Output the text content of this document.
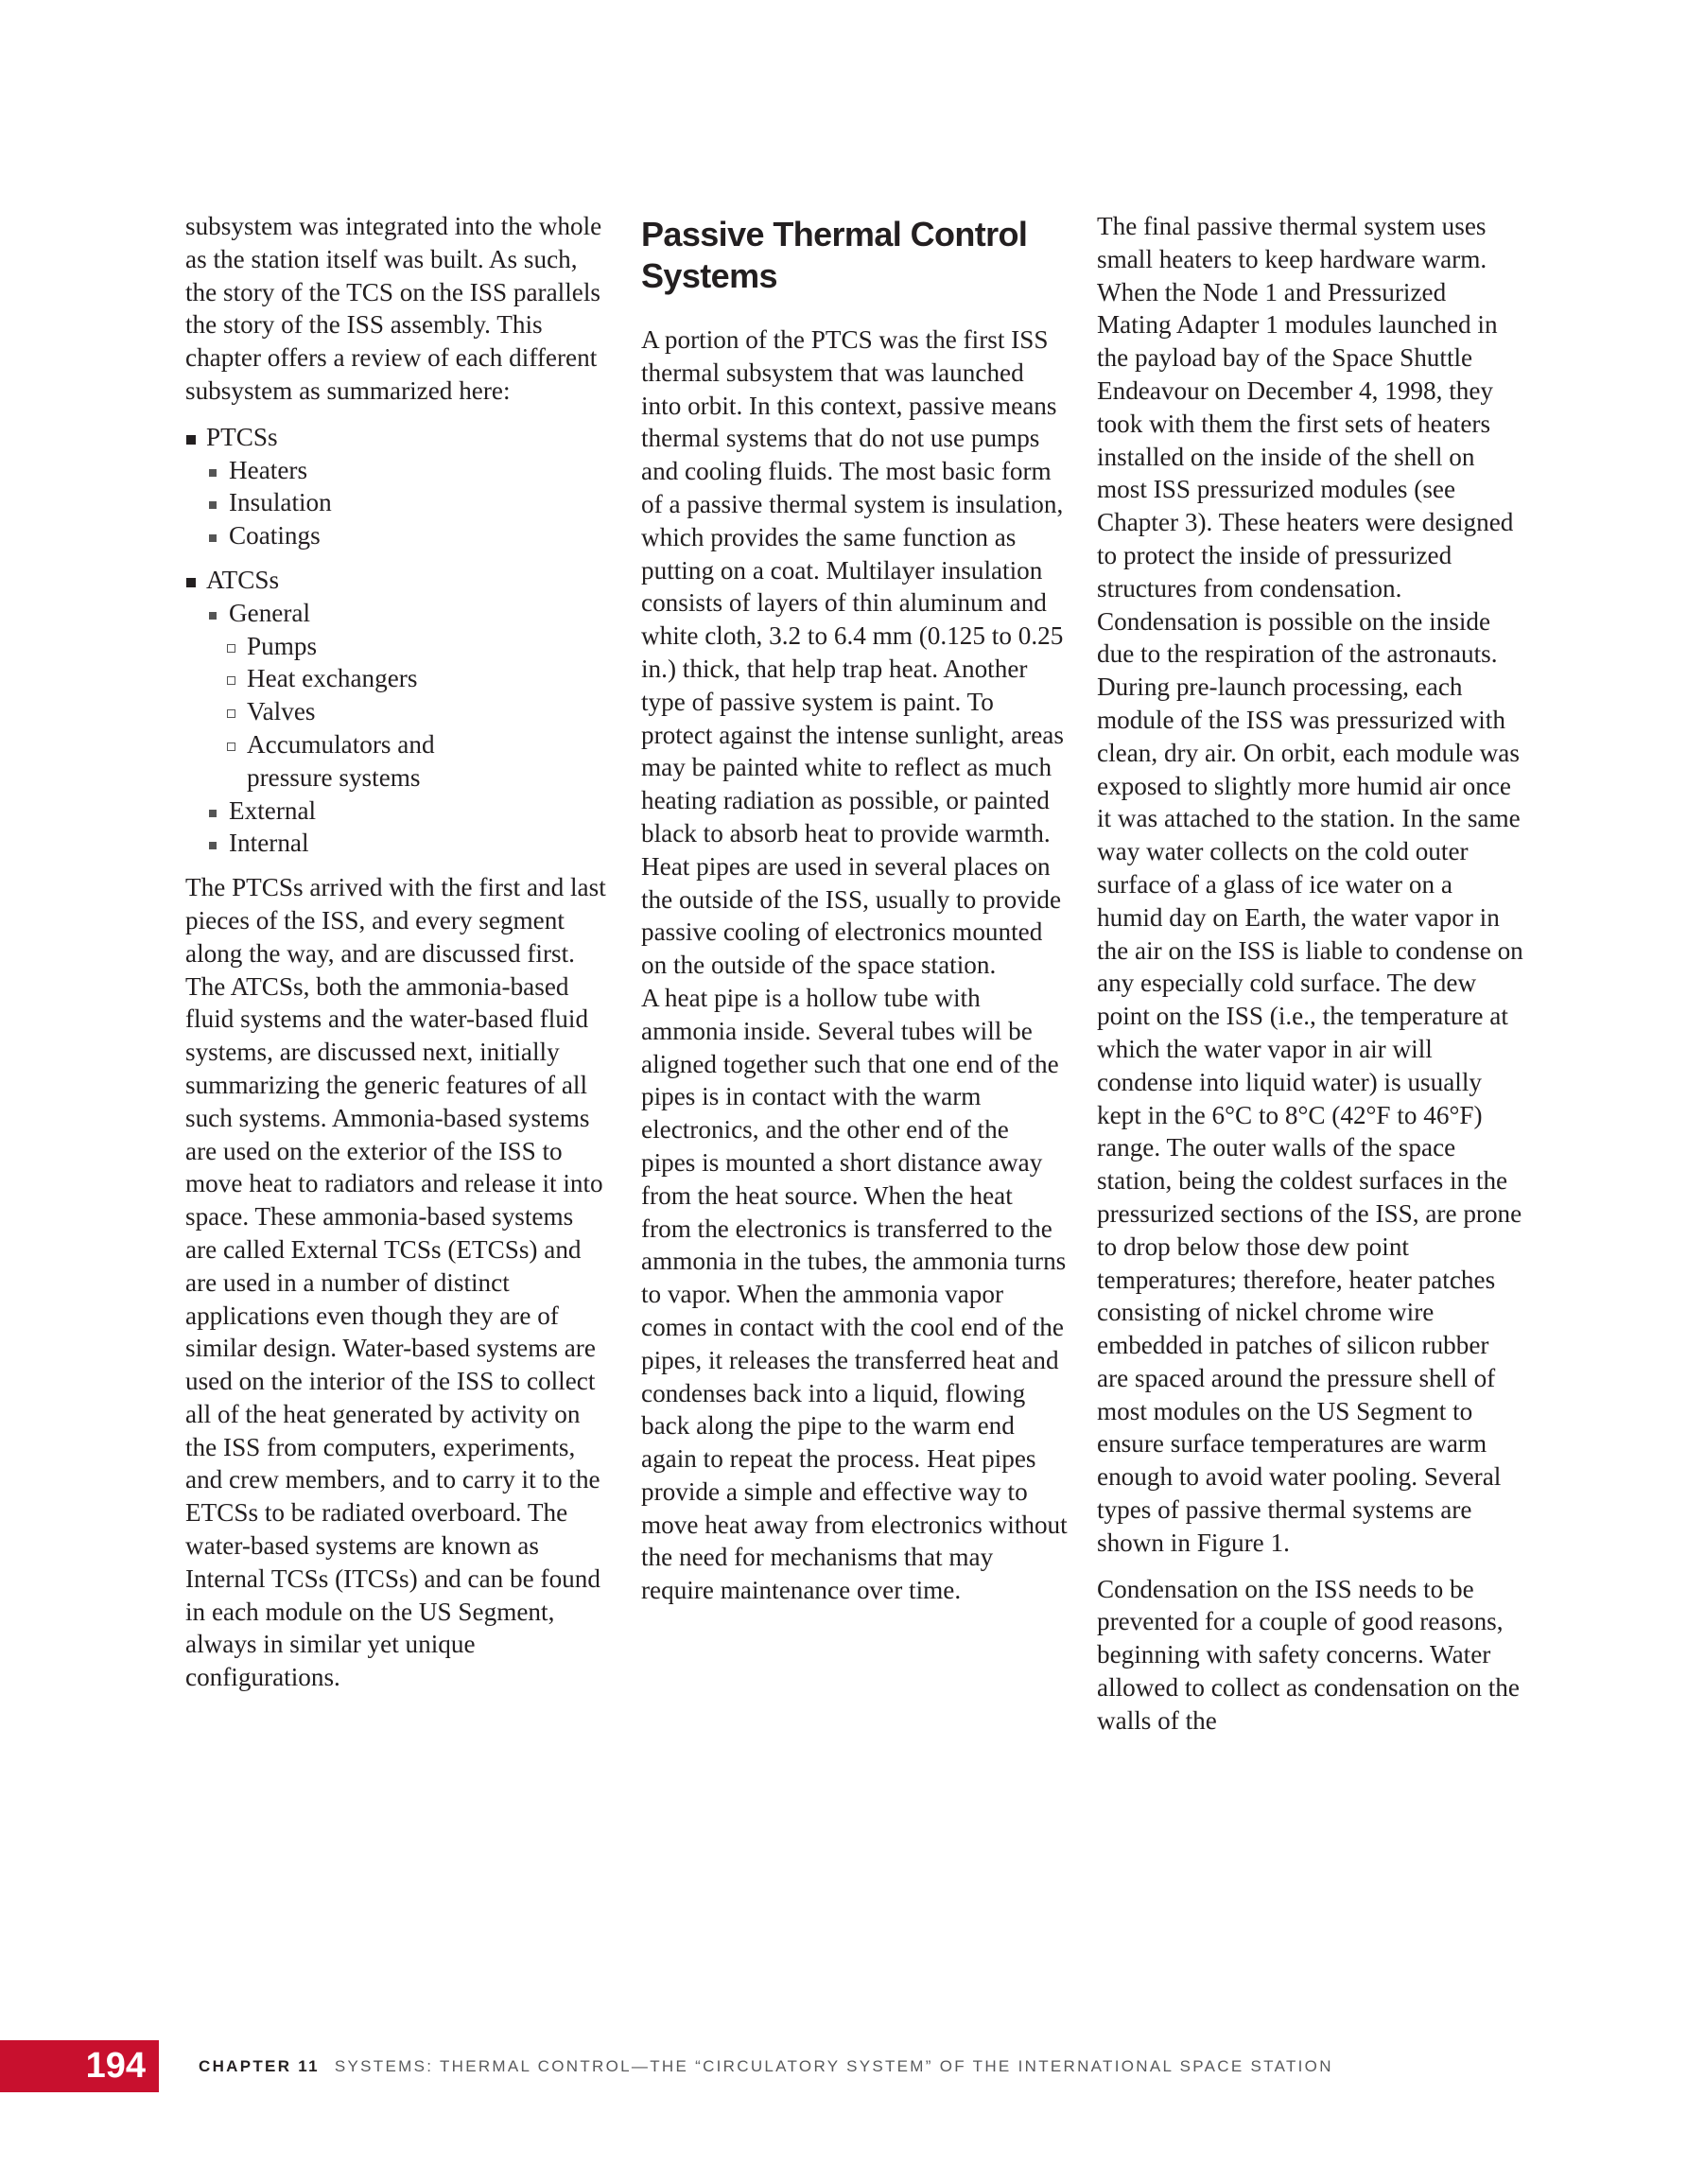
subsystem was integrated into the whole as the station itself was built. As such, the story of the TCS on the ISS parallels the story of the ISS assembly. This chapter offers a review of each different subsystem as summarized here:

PTCSs
Heaters
Insulation
Coatings
ATCSs
General
Pumps
Heat exchangers
Valves
Accumulators and pressure systems
External
Internal

The PTCSs arrived with the first and last pieces of the ISS, and every segment along the way, and are discussed first. The ATCSs, both the ammonia-based fluid systems and the water-based fluid systems, are discussed next, initially summarizing the generic features of all such systems. Ammonia-based systems are used on the exterior of the ISS to move heat to radiators and release it into space. These ammonia-based systems are called External TCSs (ETCSs) and are used in a number of distinct applications even though they are of similar design. Water-based systems are used on the interior of the ISS to collect all of the heat generated by activity on the ISS from computers, experiments, and crew members, and to carry it to the ETCSs to be radiated overboard. The water-based systems are known as Internal TCSs (ITCSs) and can be found in each module on the US Segment, always in similar yet unique configurations.

Passive Thermal Control Systems

A portion of the PTCS was the first ISS thermal subsystem that was launched into orbit. In this context, passive means thermal systems that do not use pumps and cooling fluids. The most basic form of a passive thermal system is insulation, which provides the same function as putting on a coat. Multilayer insulation consists of layers of thin aluminum and white cloth, 3.2 to 6.4 mm (0.125 to 0.25 in.) thick, that help trap heat. Another type of passive system is paint. To protect against the intense sunlight, areas may be painted white to reflect as much heating radiation as possible, or painted black to absorb heat to provide warmth. Heat pipes are used in several places on the outside of the ISS, usually to provide passive cooling of electronics mounted on the outside of the space station.

A heat pipe is a hollow tube with ammonia inside. Several tubes will be aligned together such that one end of the pipes is in contact with the warm electronics, and the other end of the pipes is mounted a short distance away from the heat source. When the heat from the electronics is transferred to the ammonia in the tubes, the ammonia turns to vapor. When the ammonia vapor comes in contact with the cool end of the pipes, it releases the transferred heat and condenses back into a liquid, flowing back along the pipe to the warm end again to repeat the process. Heat pipes provide a simple and effective way to move heat away from electronics without the need for mechanisms that may require maintenance over time.

The final passive thermal system uses small heaters to keep hardware warm. When the Node 1 and Pressurized Mating Adapter 1 modules launched in the payload bay of the Space Shuttle Endeavour on December 4, 1998, they took with them the first sets of heaters installed on the inside of the shell on most ISS pressurized modules (see Chapter 3). These heaters were designed to protect the inside of pressurized structures from condensation. Condensation is possible on the inside due to the respiration of the astronauts. During pre-launch processing, each module of the ISS was pressurized with clean, dry air. On orbit, each module was exposed to slightly more humid air once it was attached to the station. In the same way water collects on the cold outer surface of a glass of ice water on a humid day on Earth, the water vapor in the air on the ISS is liable to condense on any especially cold surface. The dew point on the ISS (i.e., the temperature at which the water vapor in air will condense into liquid water) is usually kept in the 6°C to 8°C (42°F to 46°F) range. The outer walls of the space station, being the coldest surfaces in the pressurized sections of the ISS, are prone to drop below those dew point temperatures; therefore, heater patches consisting of nickel chrome wire embedded in patches of silicon rubber are spaced around the pressure shell of most modules on the US Segment to ensure surface temperatures are warm enough to avoid water pooling. Several types of passive thermal systems are shown in Figure 1.

Condensation on the ISS needs to be prevented for a couple of good reasons, beginning with safety concerns. Water allowed to collect as condensation on the walls of the

194	CHAPTER 11 SYSTEMS: THERMAL CONTROL—THE “CIRCULATORY SYSTEM” OF THE INTERNATIONAL SPACE STATION
